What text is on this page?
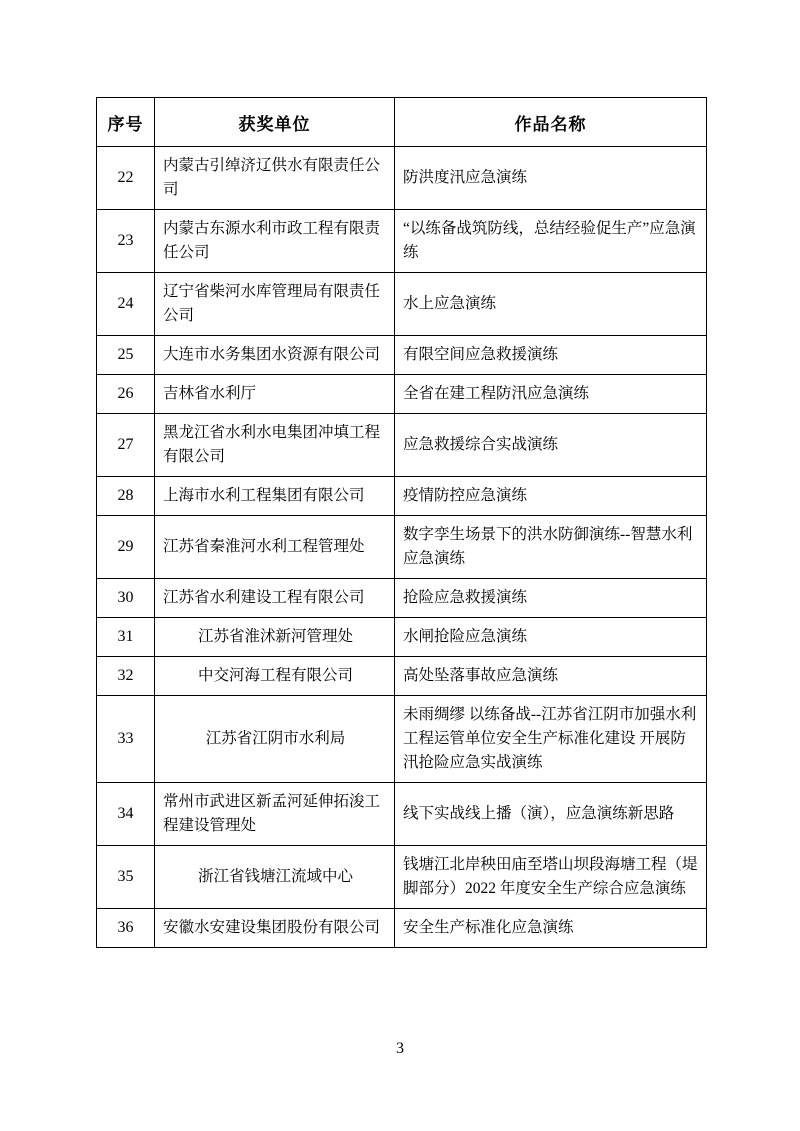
序号	获奖单位	作品名称
22	内蒙古引绰济辽供水有限责任公司	防洪度汛应急演练

23	内蒙古东源水利市政工程有限责任公司	“以练备战筑防线，总结经验促生产”应急演练

24	辽宁省柴河水库管理局有限责任公司	水上应急演练

25	大连市水务集团水资源有限公司	有限空间应急救援演练

26	吉林省水利厅	全省在建工程防汛应急演练

27	黑龙江省水利水电集团冲填工程有限公司	应急救援综合实战演练

28	上海市水利工程集团有限公司	疫情防控应急演练

29	江苏省秦淮河水利工程管理处	数字孪生场景下的洪水防御演练--智慧水利应急演练

30	江苏省水利建设工程有限公司	抢险应急救援演练

31	江苏省淮沭新河管理处	水闸抢险应急演练

32	中交河海工程有限公司	高处坠落事故应急演练

33	江苏省江阴市水利局	未雨绸缪 以练备战--江苏省江阴市加强水利工程运管单位安全生产标准化建设 开展防汛抢险应急实战演练

34	常州市武进区新孟河延伸拓浚工程建设管理处	线下实战线上播（演），应急演练新思路

35	浙江省钱塘江流域中心	钱塘江北岸秧田庙至塔山坝段海塘工程（堤脚部分）2022 年度安全生产综合应急演练

36	安徽水安建设集团股份有限公司	安全生产标准化应急演练
3
